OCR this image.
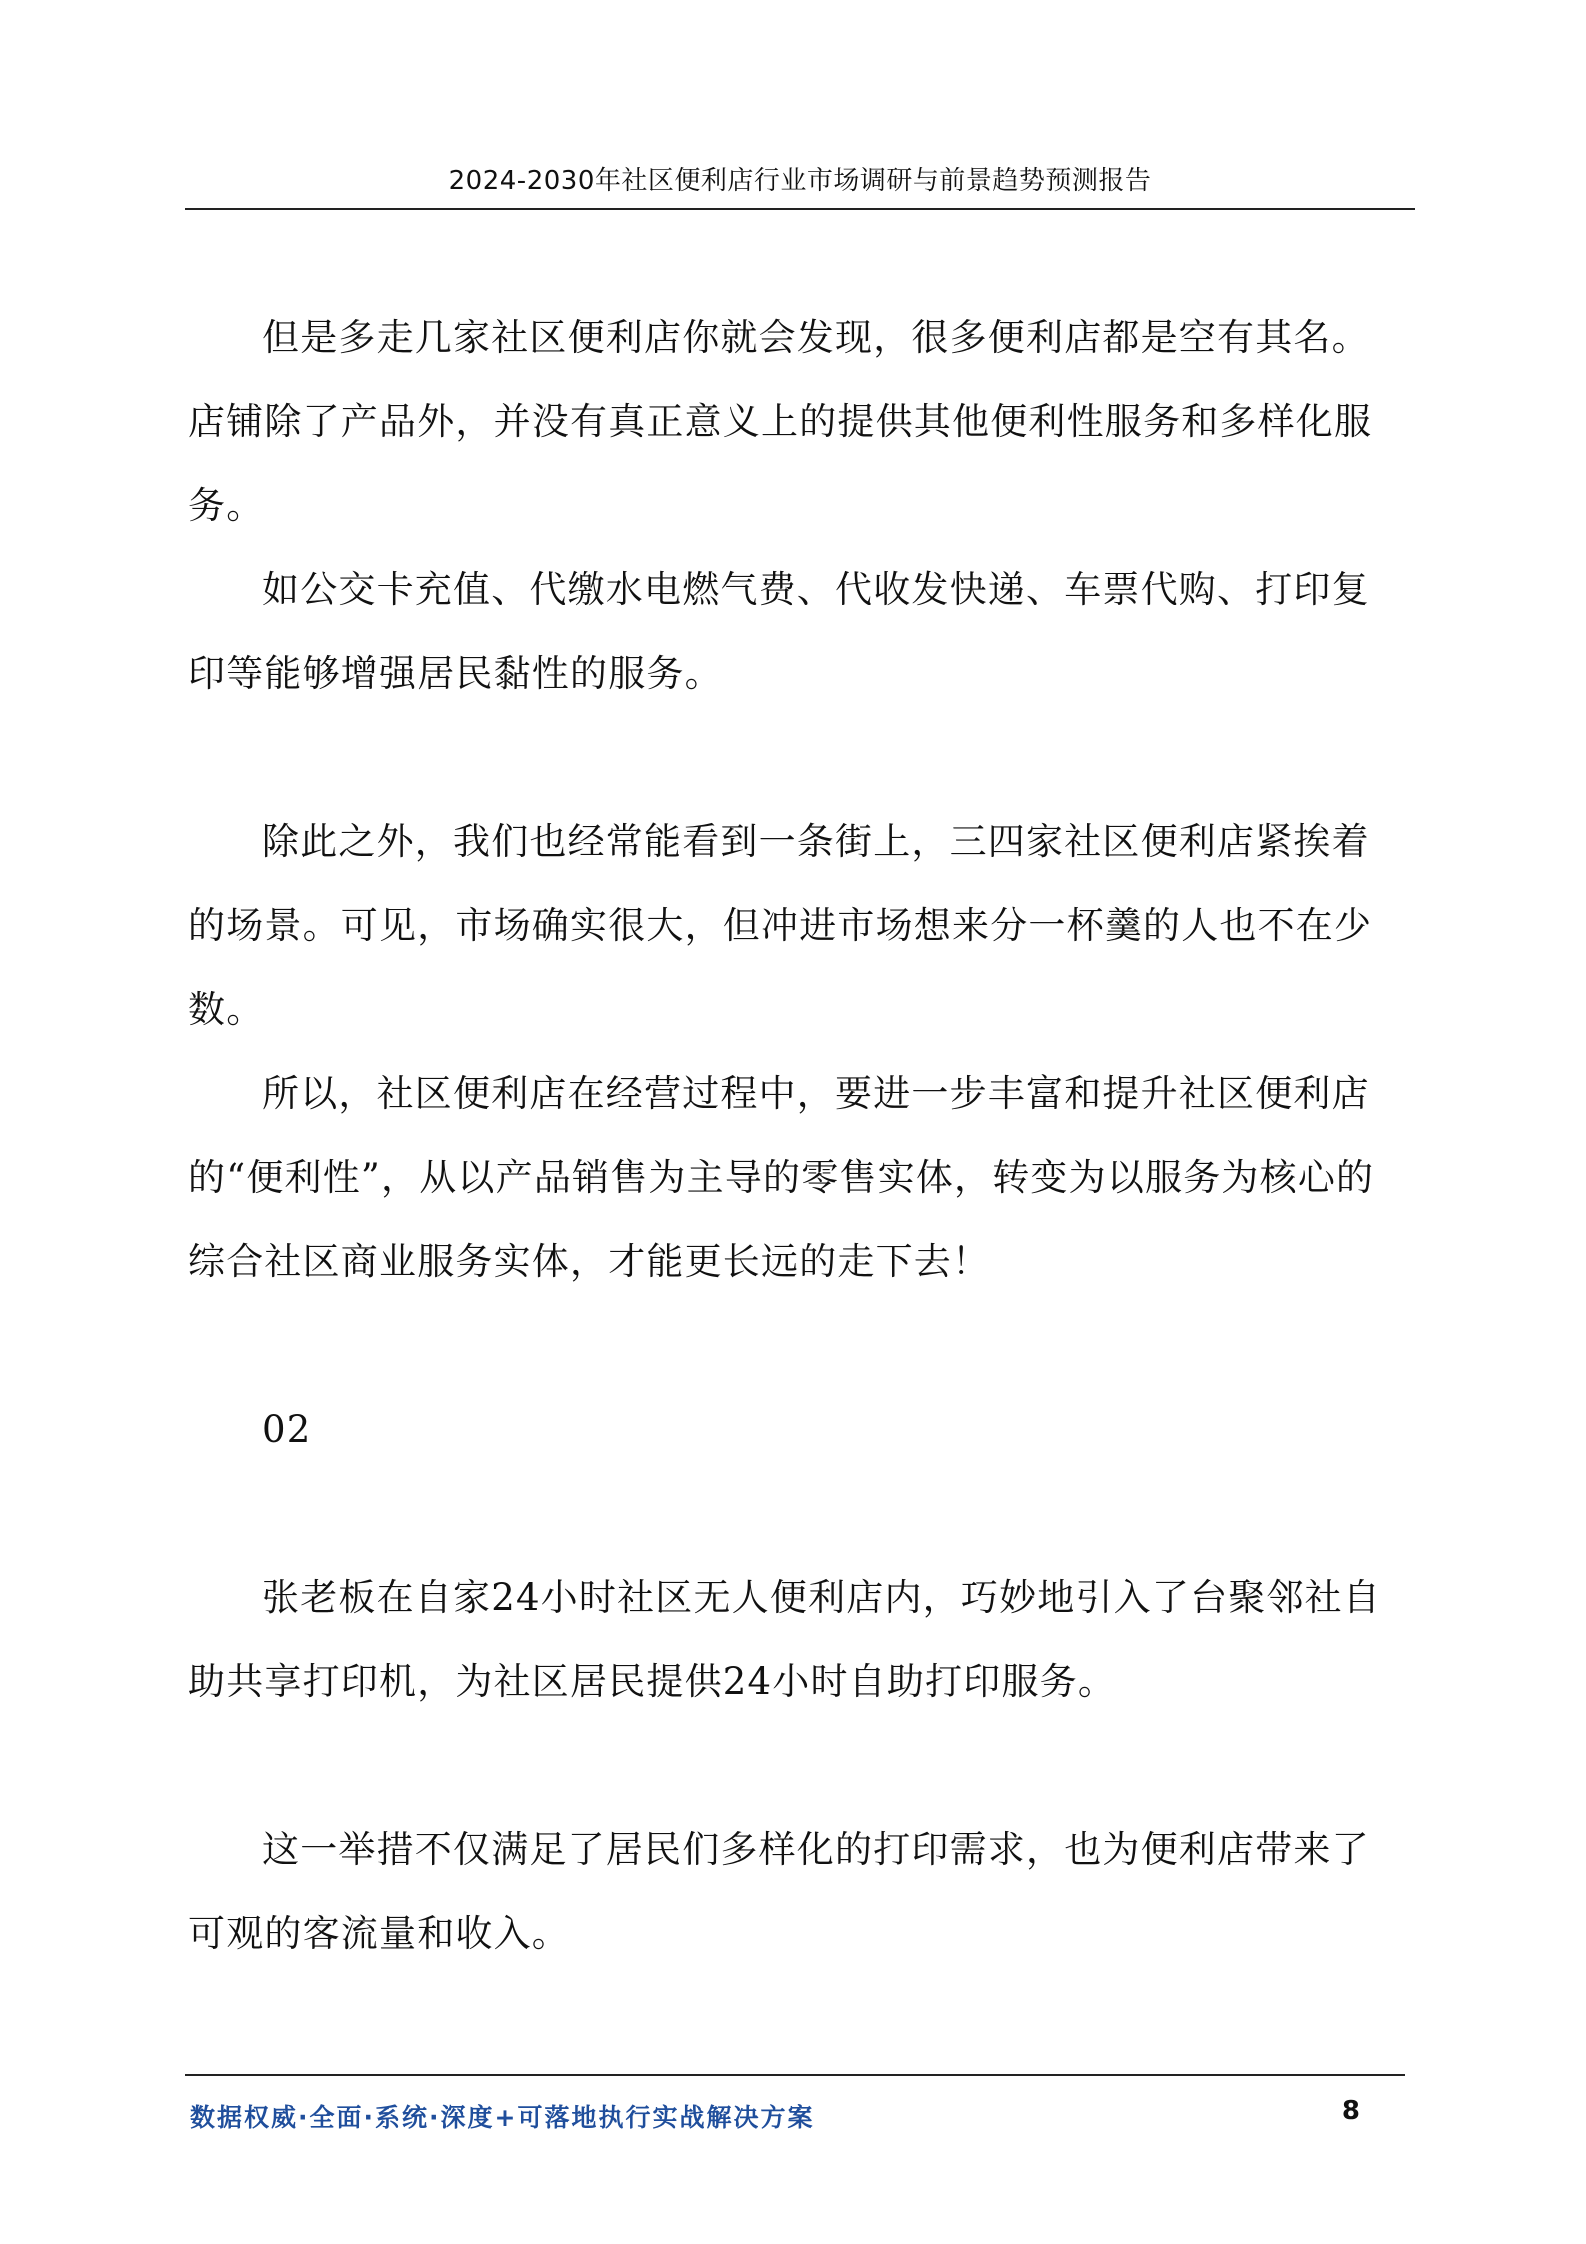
2024-2030年社区便利店行业市场调研与前景趋势预测报告

但是多走几家社区便利店你就会发现，很多便利店都是空有其名。店铺除了产品外，并没有真正意义上的提供其他便利性服务和多样化服务。

如公交卡充值、代缴水电燃气费、代收发快递、车票代购、打印复印等能够增强居民黏性的服务。

除此之外，我们也经常能看到一条街上，三四家社区便利店紧挨着的场景。可见，市场确实很大，但冲进市场想来分一杯羹的人也不在少数。

所以，社区便利店在经营过程中，要进一步丰富和提升社区便利店的“便利性”，从以产品销售为主导的零售实体，转变为以服务为核心的综合社区商业服务实体，才能更长远的走下去！

02

张老板在自家24小时社区无人便利店内，巧妙地引入了台聚邻社自助共享打印机，为社区居民提供24小时自助打印服务。

这一举措不仅满足了居民们多样化的打印需求，也为便利店带来了可观的客流量和收入。

数据权威·全面·系统·深度+可落地执行实战解决方案	8
